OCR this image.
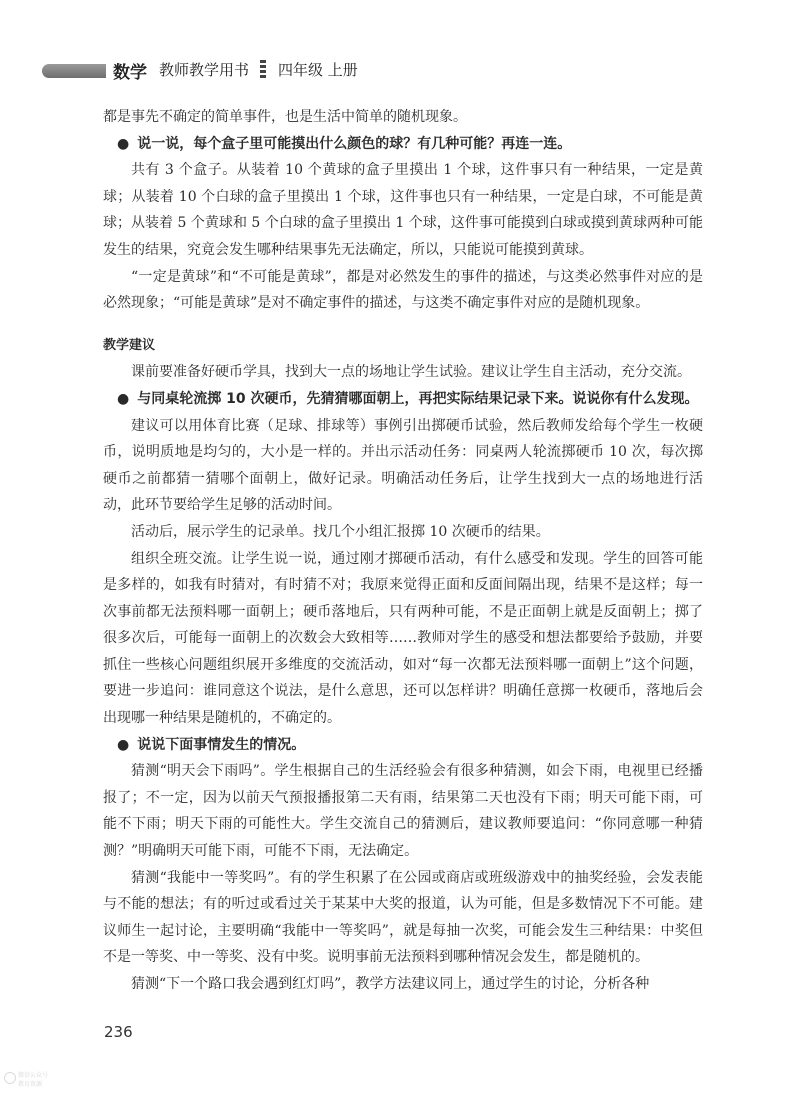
数学 教师教学用书 四年级 上册

都是事先不确定的简单事件，也是生活中简单的随机现象。

● 说一说，每个盒子里可能摸出什么颜色的球？有几种可能？再连一连。

共有 3 个盒子。从装着 10 个黄球的盒子里摸出 1 个球，这件事只有一种结果，一定是黄球；从装着 10 个白球的盒子里摸出 1 个球，这件事也只有一种结果，一定是白球，不可能是黄球；从装着 5 个黄球和 5 个白球的盒子里摸出 1 个球，这件事可能摸到白球或摸到黄球两种可能发生的结果，究竟会发生哪种结果事先无法确定，所以，只能说可能摸到黄球。

“一定是黄球”和“不可能是黄球”，都是对必然发生的事件的描述，与这类必然事件对应的是必然现象；“可能是黄球”是对不确定事件的描述，与这类不确定事件对应的是随机现象。

教学建议

课前要准备好硬币学具，找到大一点的场地让学生试验。建议让学生自主活动，充分交流。

● 与同桌轮流掷 10 次硬币，先猜猜哪面朝上，再把实际结果记录下来。说说你有什么发现。

建议可以用体育比赛（足球、排球等）事例引出掷硬币试验，然后教师发给每个学生一枚硬币，说明质地是均匀的，大小是一样的。并出示活动任务：同桌两人轮流掷硬币 10 次，每次掷硬币之前都猜一猜哪个面朝上，做好记录。明确活动任务后，让学生找到大一点的场地进行活动，此环节要给学生足够的活动时间。

活动后，展示学生的记录单。找几个小组汇报掷 10 次硬币的结果。

组织全班交流。让学生说一说，通过刚才掷硬币活动，有什么感受和发现。学生的回答可能是多样的，如我有时猜对，有时猜不对；我原来觉得正面和反面间隔出现，结果不是这样；每一次事前都无法预料哪一面朝上；硬币落地后，只有两种可能，不是正面朝上就是反面朝上；掷了很多次后，可能每一面朝上的次数会大致相等……教师对学生的感受和想法都要给予鼓励，并要抓住一些核心问题组织展开多维度的交流活动，如对“每一次都无法预料哪一面朝上”这个问题，要进一步追问：谁同意这个说法，是什么意思，还可以怎样讲？明确任意掷一枚硬币，落地后会出现哪一种结果是随机的，不确定的。

● 说说下面事情发生的情况。

猜测“明天会下雨吗”。学生根据自己的生活经验会有很多种猜测，如会下雨，电视里已经播报了；不一定，因为以前天气预报播报第二天有雨，结果第二天也没有下雨；明天可能下雨，可能不下雨；明天下雨的可能性大。学生交流自己的猜测后，建议教师要追问：“你同意哪一种猜测？”明确明天可能下雨，可能不下雨，无法确定。

猜测“我能中一等奖吗”。有的学生积累了在公园或商店或班级游戏中的抽奖经验，会发表能与不能的想法；有的听过或看过关于某某中大奖的报道，认为可能，但是多数情况下不可能。建议师生一起讨论，主要明确“我能中一等奖吗”，就是每抽一次奖，可能会发生三种结果：中奖但不是一等奖、中一等奖、没有中奖。说明事前无法预料到哪种情况会发生，都是随机的。

猜测“下一个路口我会遇到红灯吗”，教学方法建议同上，通过学生的讨论，分析各种

236
微信公众号
教育资源
